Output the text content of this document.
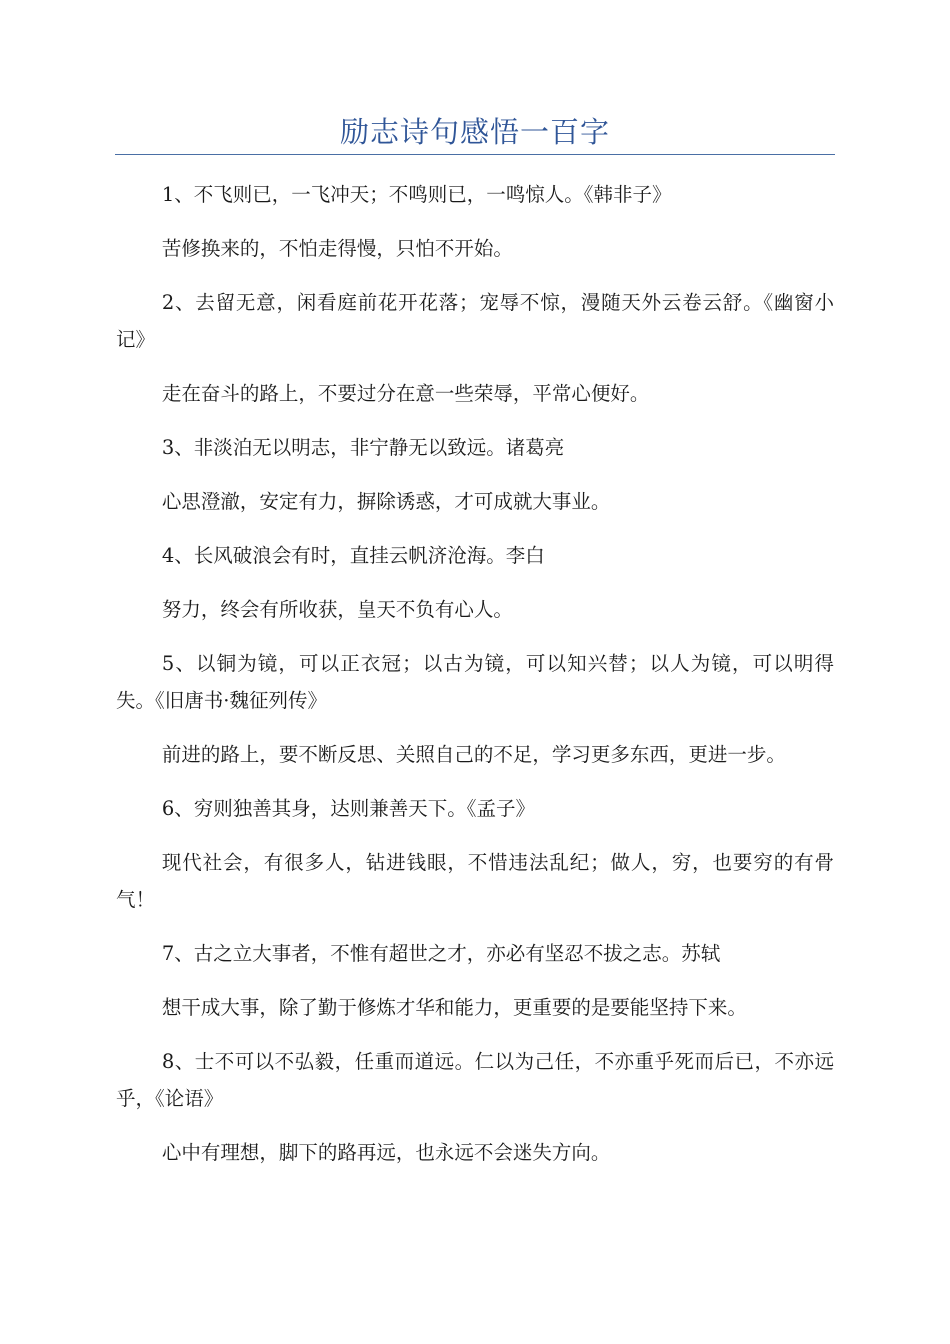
励志诗句感悟一百字

1、不飞则已，一飞冲天；不鸣则已，一鸣惊人。《韩非子》

苦修换来的，不怕走得慢，只怕不开始。

2、去留无意，闲看庭前花开花落；宠辱不惊，漫随天外云卷云舒。《幽窗小记》

走在奋斗的路上，不要过分在意一些荣辱，平常心便好。

3、非淡泊无以明志，非宁静无以致远。诸葛亮

心思澄澈，安定有力，摒除诱惑，才可成就大事业。

4、长风破浪会有时，直挂云帆济沧海。李白

努力，终会有所收获，皇天不负有心人。

5、以铜为镜，可以正衣冠；以古为镜，可以知兴替；以人为镜，可以明得失。《旧唐书·魏征列传》

前进的路上，要不断反思、关照自己的不足，学习更多东西，更进一步。

6、穷则独善其身，达则兼善天下。《孟子》

现代社会，有很多人，钻进钱眼，不惜违法乱纪；做人，穷，也要穷的有骨气！

7、古之立大事者，不惟有超世之才，亦必有坚忍不拔之志。苏轼

想干成大事，除了勤于修炼才华和能力，更重要的是要能坚持下来。

8、士不可以不弘毅，任重而道远。仁以为己任，不亦重乎死而后已，不亦远乎，《论语》

心中有理想，脚下的路再远，也永远不会迷失方向。
